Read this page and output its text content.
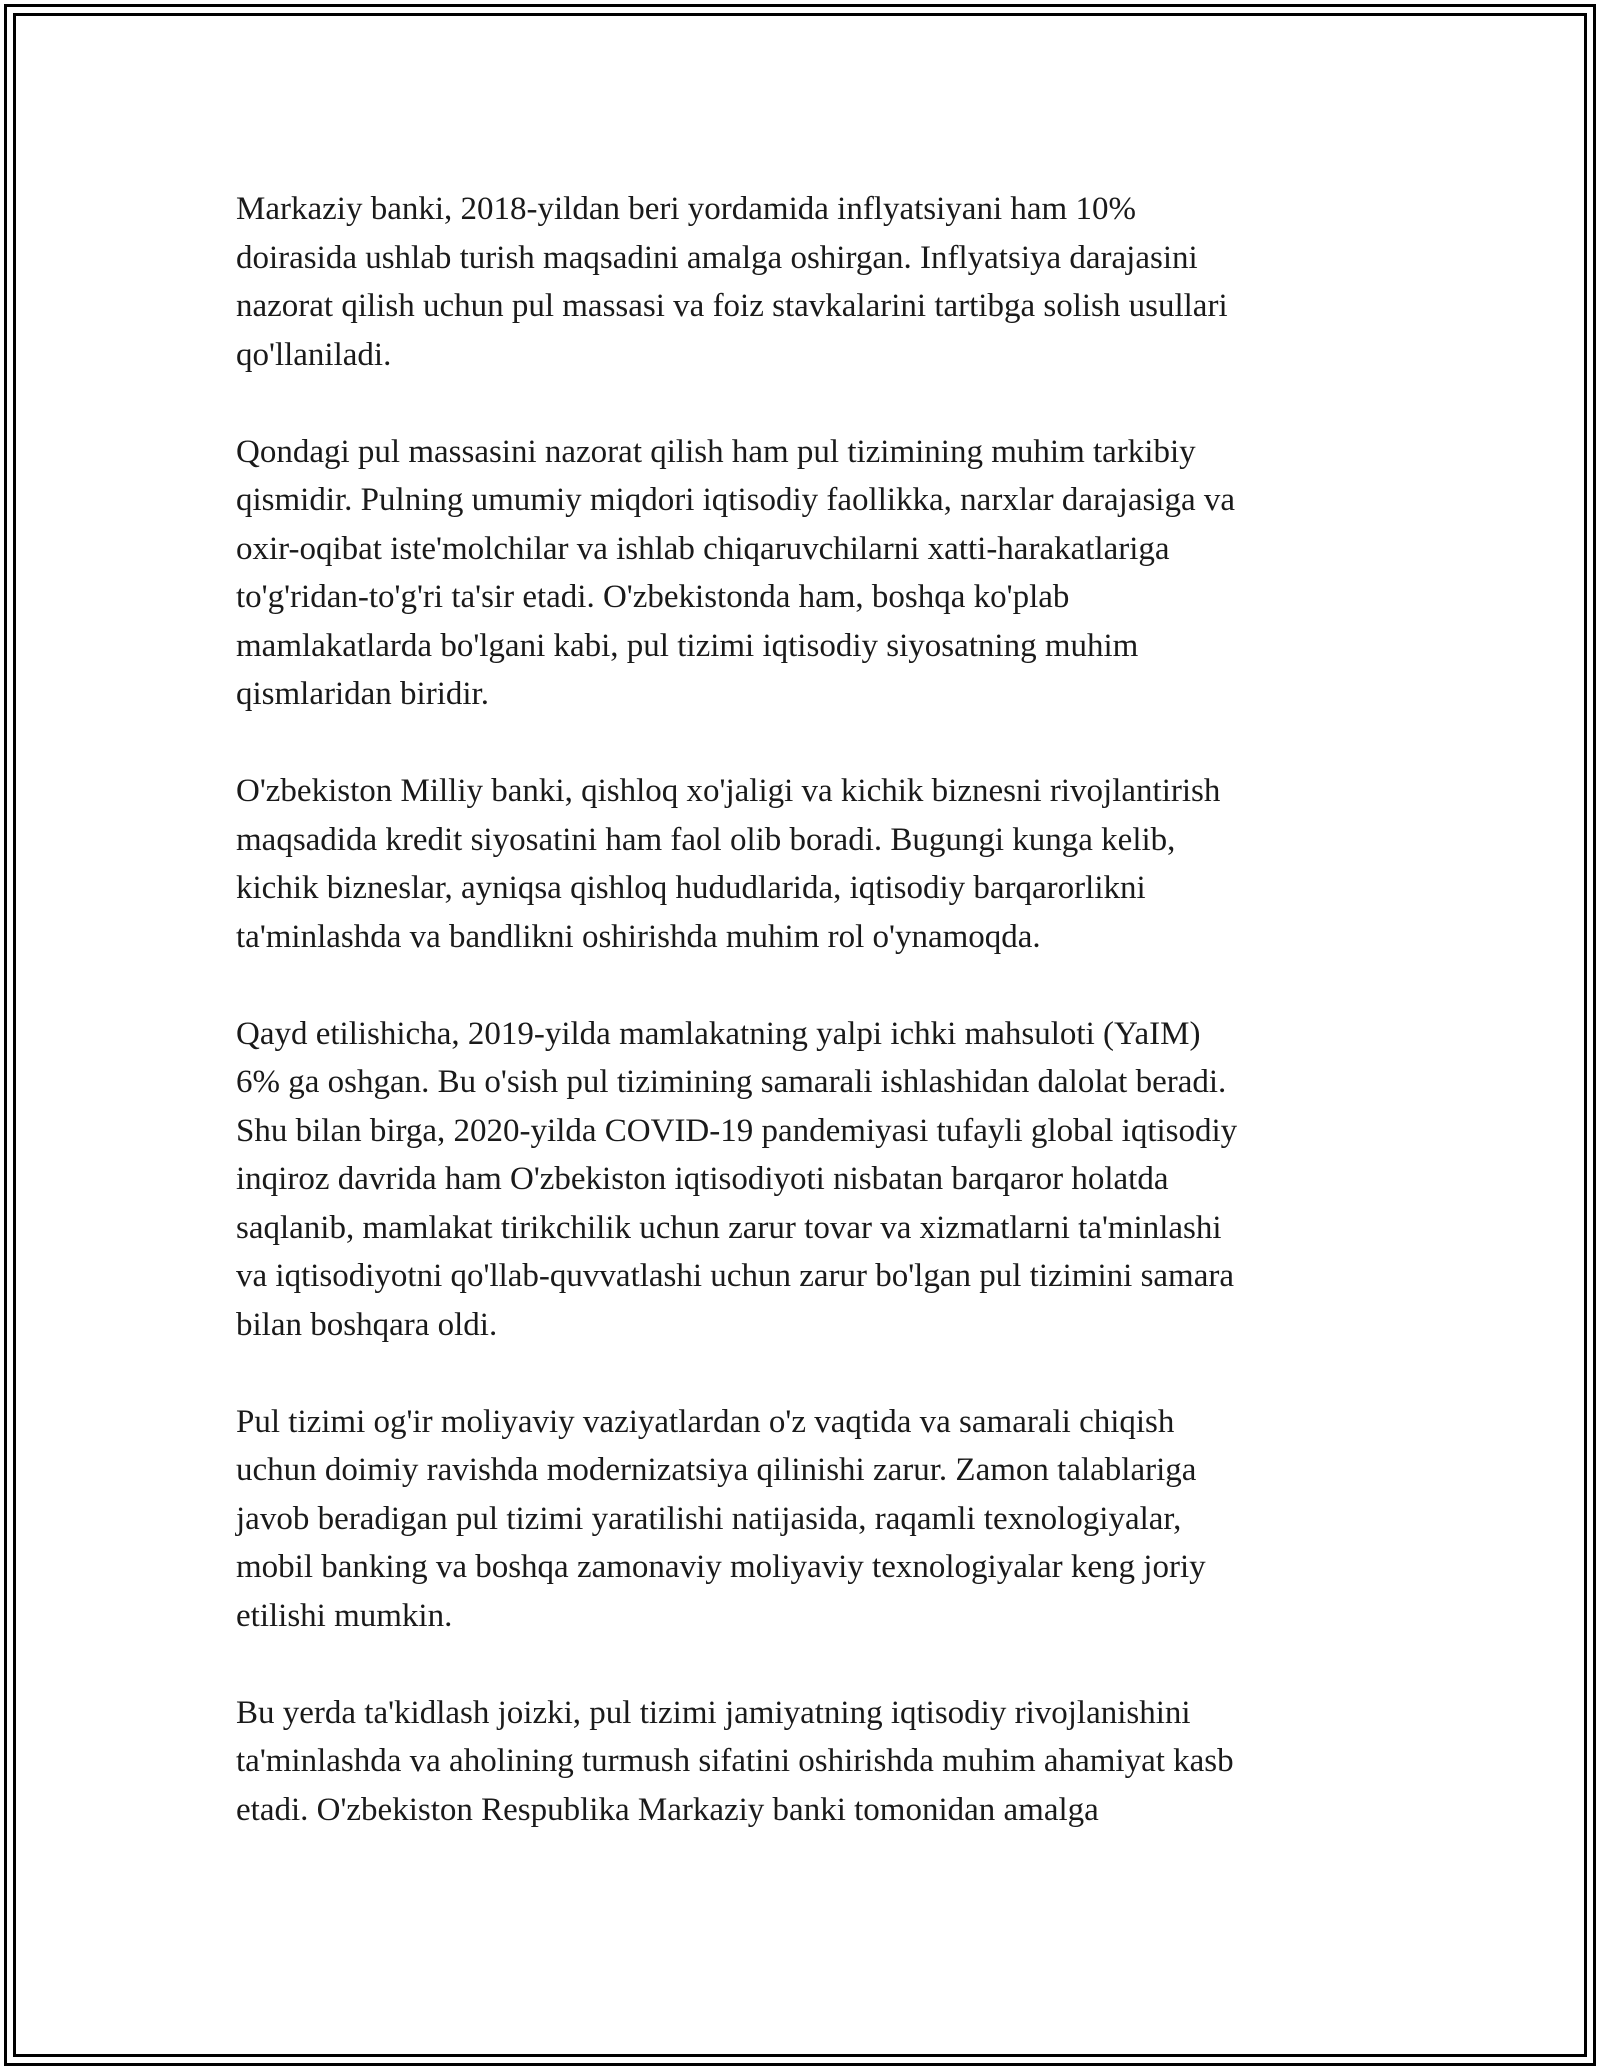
Markaziy banki, 2018-yildan beri yordamida inflyatsiyani ham 10%
doirasida ushlab turish maqsadini amalga oshirgan. Inflyatsiya darajasini
nazorat qilish uchun pul massasi va foiz stavkalarini tartibga solish usullari
qo'llaniladi.

Qondagi pul massasini nazorat qilish ham pul tizimining muhim tarkibiy
qismidir. Pulning umumiy miqdori iqtisodiy faollikka, narxlar darajasiga va
oxir-oqibat iste'molchilar va ishlab chiqaruvchilarni xatti-harakatlariga
to'g'ridan-to'g'ri ta'sir etadi. O'zbekistonda ham, boshqa ko'plab
mamlakatlarda bo'lgani kabi, pul tizimi iqtisodiy siyosatning muhim
qismlaridan biridir.

O'zbekiston Milliy banki, qishloq xo'jaligi va kichik biznesni rivojlantirish
maqsadida kredit siyosatini ham faol olib boradi. Bugungi kunga kelib,
kichik bizneslar, ayniqsa qishloq hududlarida, iqtisodiy barqarorlikni
ta'minlashda va bandlikni oshirishda muhim rol o'ynamoqda.

Qayd etilishicha, 2019-yilda mamlakatning yalpi ichki mahsuloti (YaIM)
6% ga oshgan. Bu o'sish pul tizimining samarali ishlashidan dalolat beradi.
Shu bilan birga, 2020-yilda COVID-19 pandemiyasi tufayli global iqtisodiy
inqiroz davrida ham O'zbekiston iqtisodiyoti nisbatan barqaror holatda
saqlanib, mamlakat tirikchilik uchun zarur tovar va xizmatlarni ta'minlashi
va iqtisodiyotni qo'llab-quvvatlashi uchun zarur bo'lgan pul tizimini samara
bilan boshqara oldi.

Pul tizimi og'ir moliyaviy vaziyatlardan o'z vaqtida va samarali chiqish
uchun doimiy ravishda modernizatsiya qilinishi zarur. Zamon talablariga
javob beradigan pul tizimi yaratilishi natijasida, raqamli texnologiyalar,
mobil banking va boshqa zamonaviy moliyaviy texnologiyalar keng joriy
etilishi mumkin.

Bu yerda ta'kidlash joizki, pul tizimi jamiyatning iqtisodiy rivojlanishini
ta'minlashda va aholining turmush sifatini oshirishda muhim ahamiyat kasb
etadi. O'zbekiston Respublika Markaziy banki tomonidan amalga
